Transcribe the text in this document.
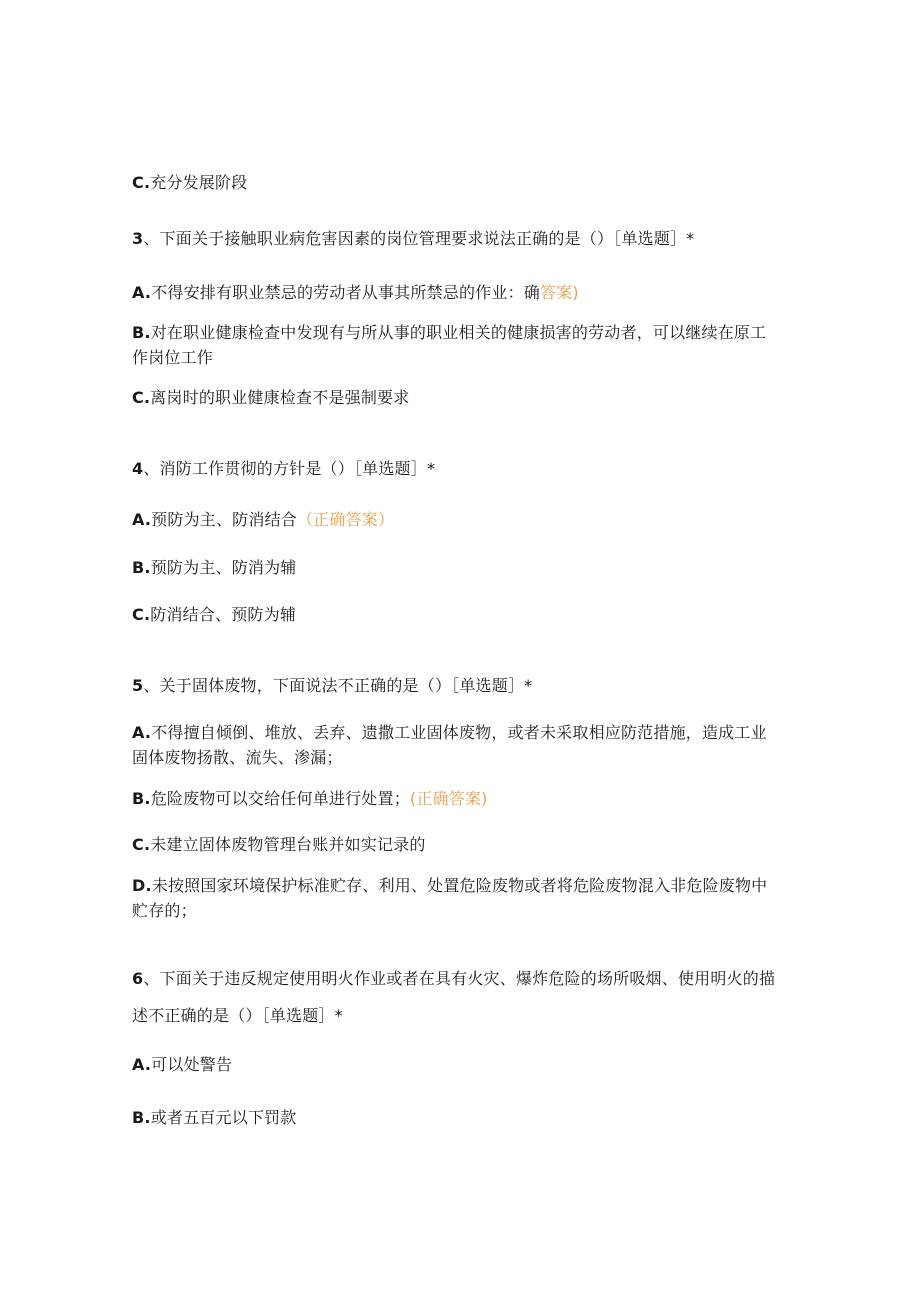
C.充分发展阶段
3、下面关于接触职业病危害因素的岗位管理要求说法正确的是（）［单选题］*
A.不得安排有职业禁忌的劳动者从事其所禁忌的作业：确答案)
B.对在职业健康检查中发现有与所从事的职业相关的健康损害的劳动者，可以继续在原工作岗位工作
C.离岗时的职业健康检查不是强制要求
4、消防工作贯彻的方针是（）［单选题］*
A.预防为主、防消结合（正确答案）
B.预防为主、防消为辅
C.防消结合、预防为辅
5、关于固体废物，下面说法不正确的是（）［单选题］*
A.不得擅自倾倒、堆放、丢弃、遗撒工业固体废物，或者未采取相应防范措施，造成工业固体废物扬散、流失、渗漏；
B.危险废物可以交给任何单进行处置；(正确答案)
C.未建立固体废物管理台账并如实记录的
D.未按照国家环境保护标准贮存、利用、处置危险废物或者将危险废物混入非危险废物中贮存的；
6、下面关于违反规定使用明火作业或者在具有火灾、爆炸危险的场所吸烟、使用明火的描述不正确的是（）［单选题］*
A.可以处警告
B.或者五百元以下罚款
